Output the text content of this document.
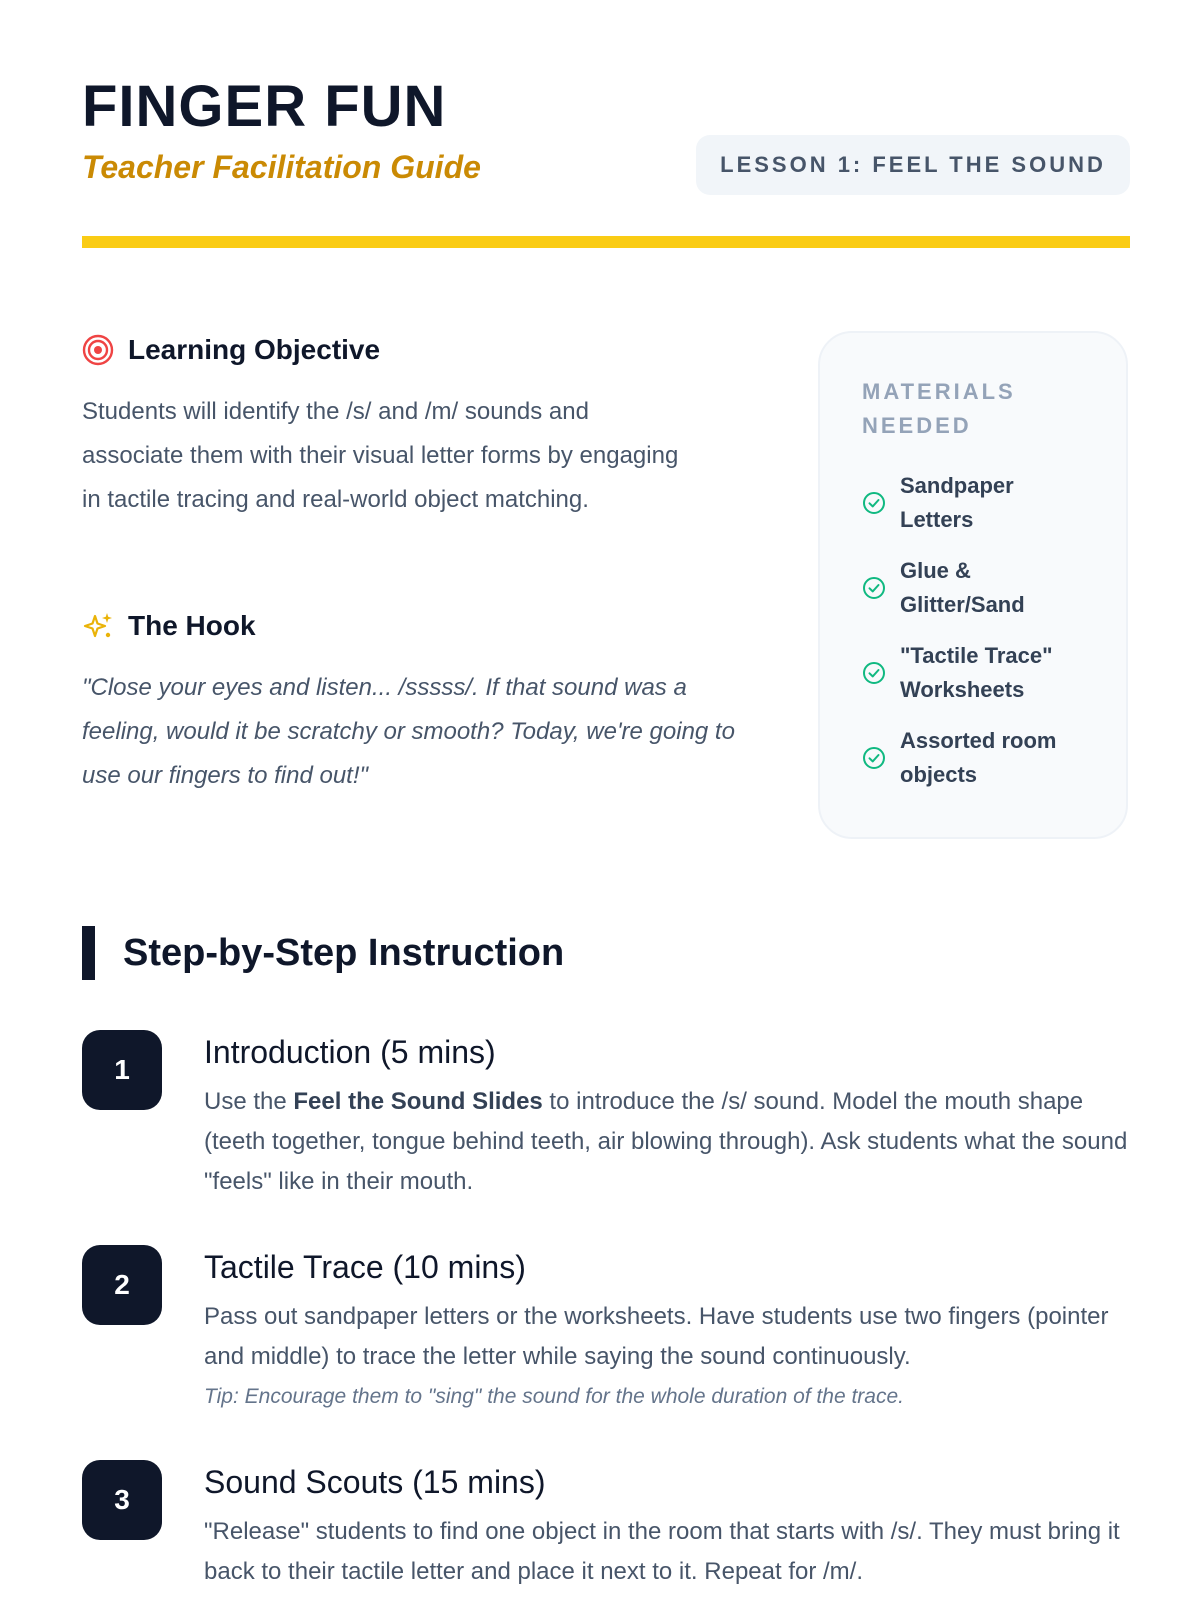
FINGER FUN
Teacher Facilitation Guide	LESSON 1: FEEL THE SOUND
Learning Objective
Students will identify the /s/ and /m/ sounds and associate them with their visual letter forms by engaging in tactile tracing and real-world object matching.
The Hook
"Close your eyes and listen... /sssss/. If that sound was a feeling, would it be scratchy or smooth? Today, we're going to use our fingers to find out!"
MATERIALS NEEDED
Sandpaper Letters
Glue & Glitter/Sand
"Tactile Trace" Worksheets
Assorted room objects
Step-by-Step Instruction
1	Introduction (5 mins)
Use the Feel the Sound Slides to introduce the /s/ sound. Model the mouth shape (teeth together, tongue behind teeth, air blowing through). Ask students what the sound "feels" like in their mouth.
2	Tactile Trace (10 mins)
Pass out sandpaper letters or the worksheets. Have students use two fingers (pointer and middle) to trace the letter while saying the sound continuously.
Tip: Encourage them to "sing" the sound for the whole duration of the trace.
3	Sound Scouts (15 mins)
"Release" students to find one object in the room that starts with /s/. They must bring it back to their tactile letter and place it next to it. Repeat for /m/.
